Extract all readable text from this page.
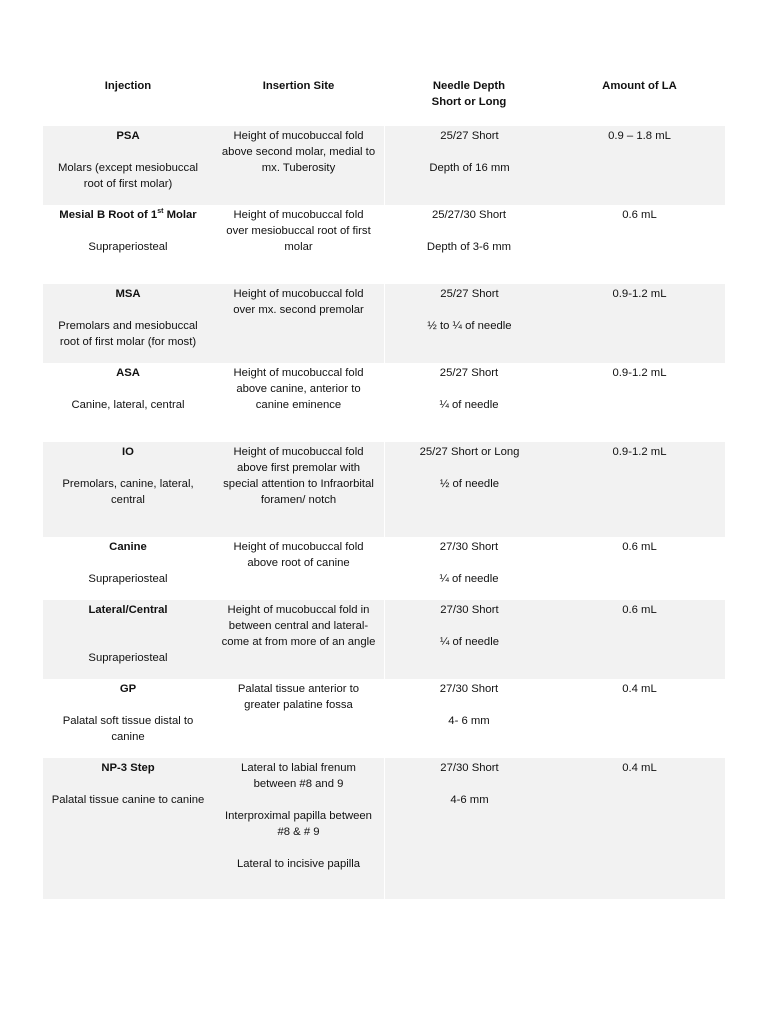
Injection	Insertion Site	Needle Depth
Short or Long
Amount of LA
PSA
Molars (except mesiobuccal root of first molar)
Height of mucobuccal fold above second molar, medial to mx. Tuberosity
25/27 Short
Depth of 16 mm
0.9 – 1.8 mL
Mesial B Root of 1st Molar
Supraperiosteal
Height of mucobuccal fold over mesiobuccal root of first molar
25/27/30 Short
Depth of 3-6 mm
0.6 mL
MSA
Premolars and mesiobuccal root of first molar (for most)
Height of mucobuccal fold over mx. second premolar
25/27 Short
½ to ¼ of needle
0.9-1.2 mL
ASA
Canine, lateral, central
Height of mucobuccal fold above canine, anterior to canine eminence
25/27 Short
¼ of needle
0.9-1.2 mL
IO
Premolars, canine, lateral, central
Height of mucobuccal fold above first premolar with special attention to Infraorbital foramen/ notch
25/27 Short or Long
½ of needle
0.9-1.2 mL
Canine
Supraperiosteal
Height of mucobuccal fold above root of canine
27/30 Short
¼ of needle
0.6 mL
Lateral/Central
Supraperiosteal
Height of mucobuccal fold in between central and lateral- come at from more of an angle
27/30 Short
¼ of needle
0.6 mL
GP
Palatal soft tissue distal to canine
Palatal tissue anterior to greater palatine fossa
27/30 Short
4- 6 mm
0.4 mL
NP-3 Step
Palatal tissue canine to canine
Lateral to labial frenum between #8 and 9
Interproximal papilla between #8 & # 9
Lateral to incisive papilla
27/30 Short
4-6 mm
0.4 mL
